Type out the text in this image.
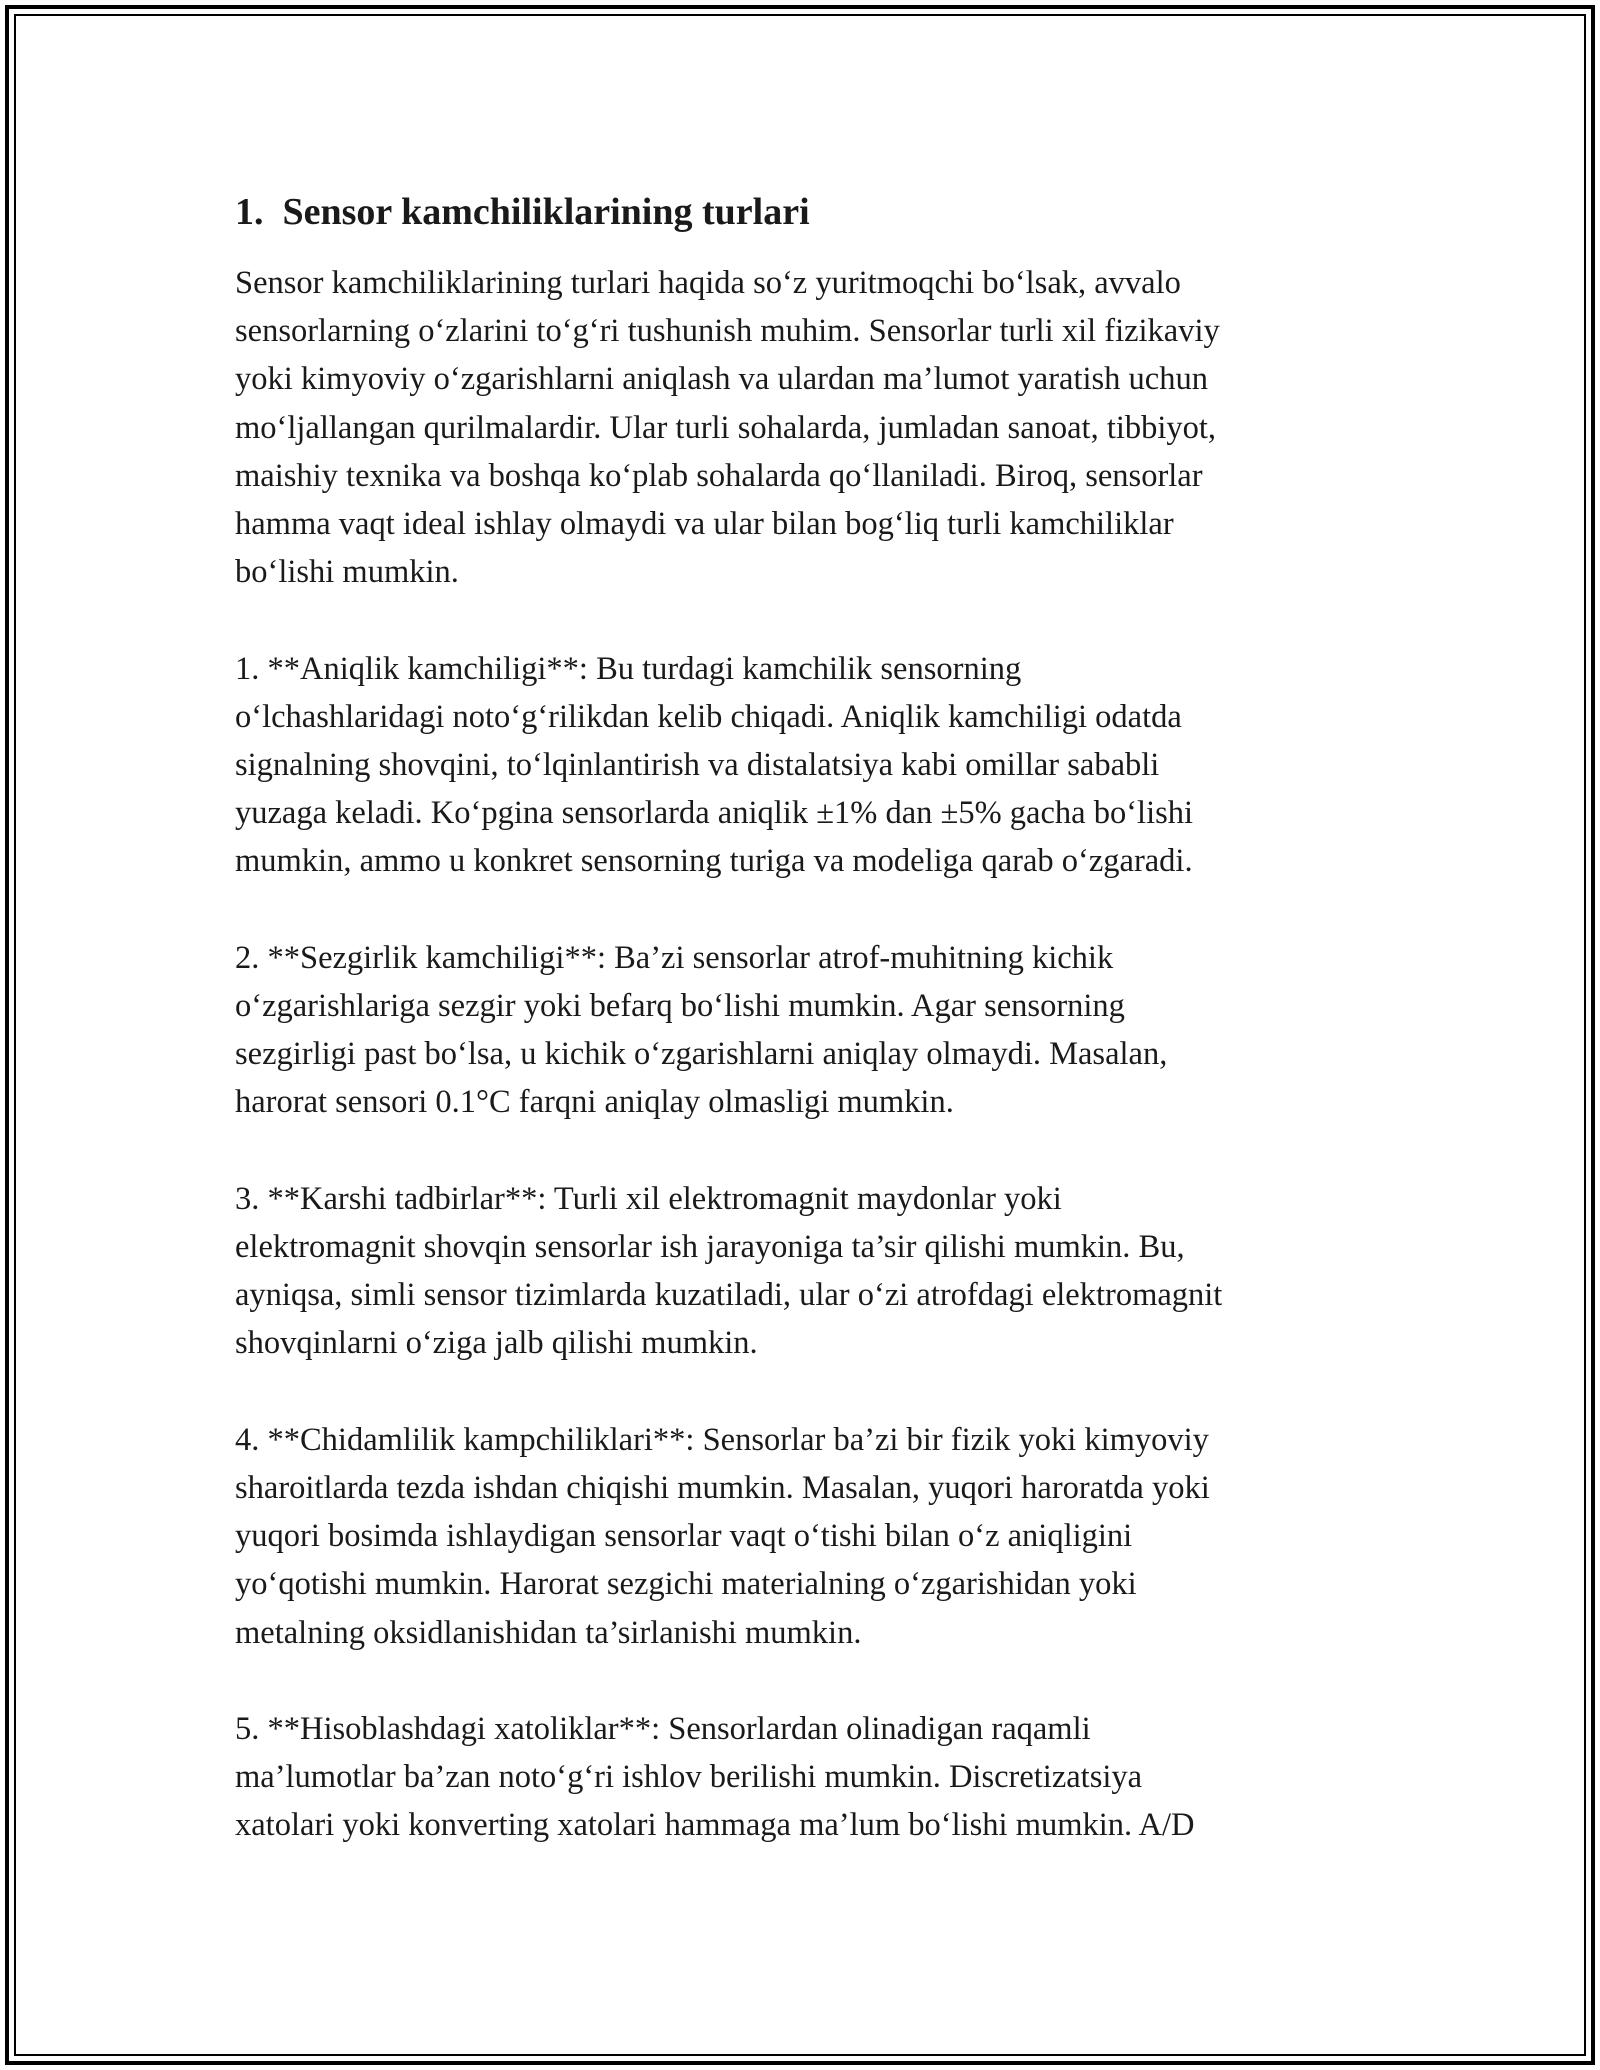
1.  Sensor kamchiliklarining turlari

Sensor kamchiliklarining turlari haqida so‘z yuritmoqchi bo‘lsak, avvalo
sensorlarning o‘zlarini to‘g‘ri tushunish muhim. Sensorlar turli xil fizikaviy
yoki kimyoviy o‘zgarishlarni aniqlash va ulardan ma’lumot yaratish uchun
mo‘ljallangan qurilmalardir. Ular turli sohalarda, jumladan sanoat, tibbiyot,
maishiy texnika va boshqa ko‘plab sohalarda qo‘llaniladi. Biroq, sensorlar
hamma vaqt ideal ishlay olmaydi va ular bilan bog‘liq turli kamchiliklar
bo‘lishi mumkin.

1. **Aniqlik kamchiligi**: Bu turdagi kamchilik sensorning
o‘lchashlaridagi noto‘g‘rilikdan kelib chiqadi. Aniqlik kamchiligi odatda
signalning shovqini, to‘lqinlantirish va distalatsiya kabi omillar sababli
yuzaga keladi. Ko‘pgina sensorlarda aniqlik ±1% dan ±5% gacha bo‘lishi
mumkin, ammo u konkret sensorning turiga va modeliga qarab o‘zgaradi.

2. **Sezgirlik kamchiligi**: Ba’zi sensorlar atrof-muhitning kichik
o‘zgarishlariga sezgir yoki befarq bo‘lishi mumkin. Agar sensorning
sezgirligi past bo‘lsa, u kichik o‘zgarishlarni aniqlay olmaydi. Masalan,
harorat sensori 0.1°C farqni aniqlay olmasligi mumkin.

3. **Karshi tadbirlar**: Turli xil elektromagnit maydonlar yoki
elektromagnit shovqin sensorlar ish jarayoniga ta’sir qilishi mumkin. Bu,
ayniqsa, simli sensor tizimlarda kuzatiladi, ular o‘zi atrofdagi elektromagnit
shovqinlarni o‘ziga jalb qilishi mumkin.

4. **Chidamlilik kampchiliklari**: Sensorlar ba’zi bir fizik yoki kimyoviy
sharoitlarda tezda ishdan chiqishi mumkin. Masalan, yuqori haroratda yoki
yuqori bosimda ishlaydigan sensorlar vaqt o‘tishi bilan o‘z aniqligini
yo‘qotishi mumkin. Harorat sezgichi materialning o‘zgarishidan yoki
metalning oksidlanishidan ta’sirlanishi mumkin.

5. **Hisoblashdagi xatoliklar**: Sensorlardan olinadigan raqamli
ma’lumotlar ba’zan noto‘g‘ri ishlov berilishi mumkin. Discretizatsiya
xatolari yoki konverting xatolari hammaga ma’lum bo‘lishi mumkin. A/D
